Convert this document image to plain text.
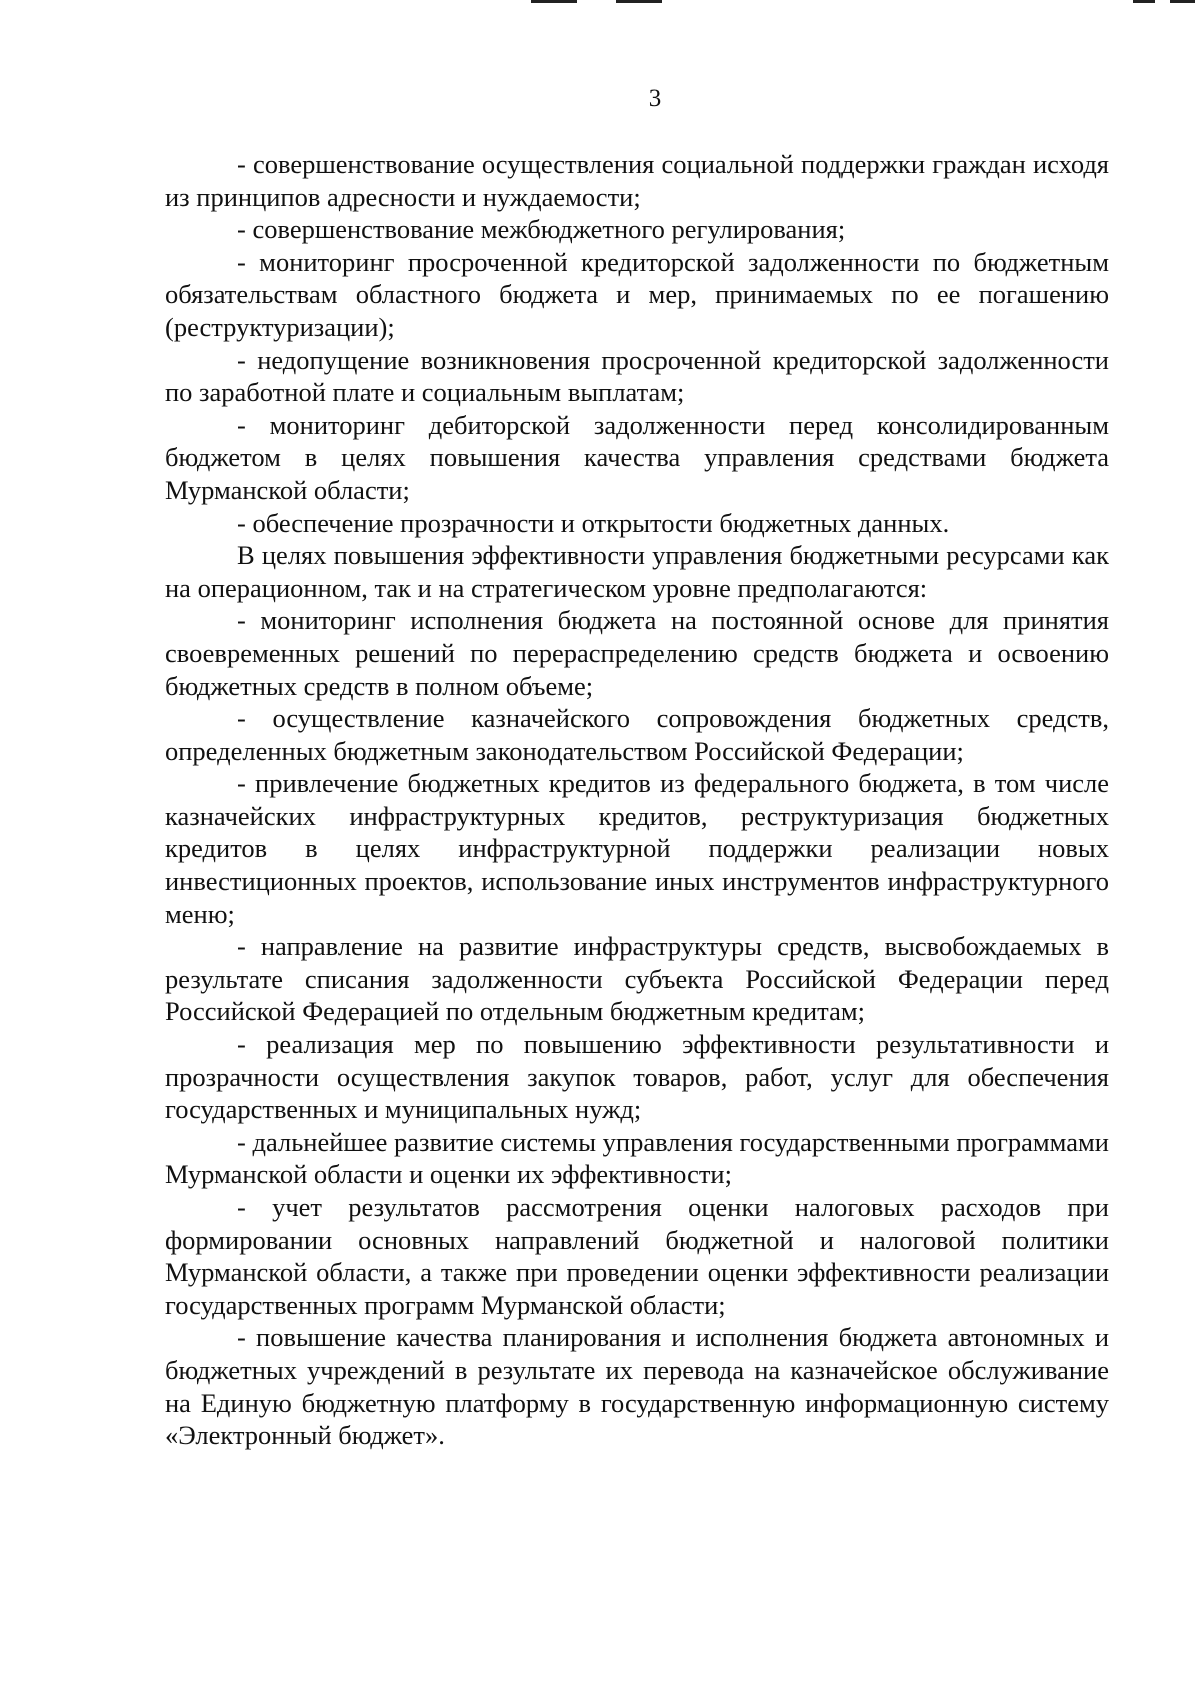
3

- совершенствование осуществления социальной поддержки граждан исходя из принципов адресности и нуждаемости;

- совершенствование межбюджетного регулирования;

- мониторинг просроченной кредиторской задолженности по бюджетным обязательствам областного бюджета и мер, принимаемых по ее погашению (реструктуризации);

- недопущение возникновения просроченной кредиторской задолженности по заработной плате и социальным выплатам;

- мониторинг дебиторской задолженности перед консолидированным бюджетом в целях повышения качества управления средствами бюджета Мурманской области;

- обеспечение прозрачности и открытости бюджетных данных.

В целях повышения эффективности управления бюджетными ресурсами как на операционном, так и на стратегическом уровне предполагаются:

- мониторинг исполнения бюджета на постоянной основе для принятия своевременных решений по перераспределению средств бюджета и освоению бюджетных средств в полном объеме;

- осуществление казначейского сопровождения бюджетных средств, определенных бюджетным законодательством Российской Федерации;

- привлечение бюджетных кредитов из федерального бюджета, в том числе казначейских инфраструктурных кредитов, реструктуризация бюджетных кредитов в целях инфраструктурной поддержки реализации новых инвестиционных проектов, использование иных инструментов инфраструктурного меню;

- направление на развитие инфраструктуры средств, высвобождаемых в результате списания задолженности субъекта Российской Федерации перед Российской Федерацией по отдельным бюджетным кредитам;

- реализация мер по повышению эффективности результативности и прозрачности осуществления закупок товаров, работ, услуг для обеспечения государственных и муниципальных нужд;

- дальнейшее развитие системы управления государственными программами Мурманской области и оценки их эффективности;

- учет результатов рассмотрения оценки налоговых расходов при формировании основных направлений бюджетной и налоговой политики Мурманской области, а также при проведении оценки эффективности реализации государственных программ Мурманской области;

- повышение качества планирования и исполнения бюджета автономных и бюджетных учреждений в результате их перевода на казначейское обслуживание на Единую бюджетную платформу в государственную информационную систему «Электронный бюджет».
